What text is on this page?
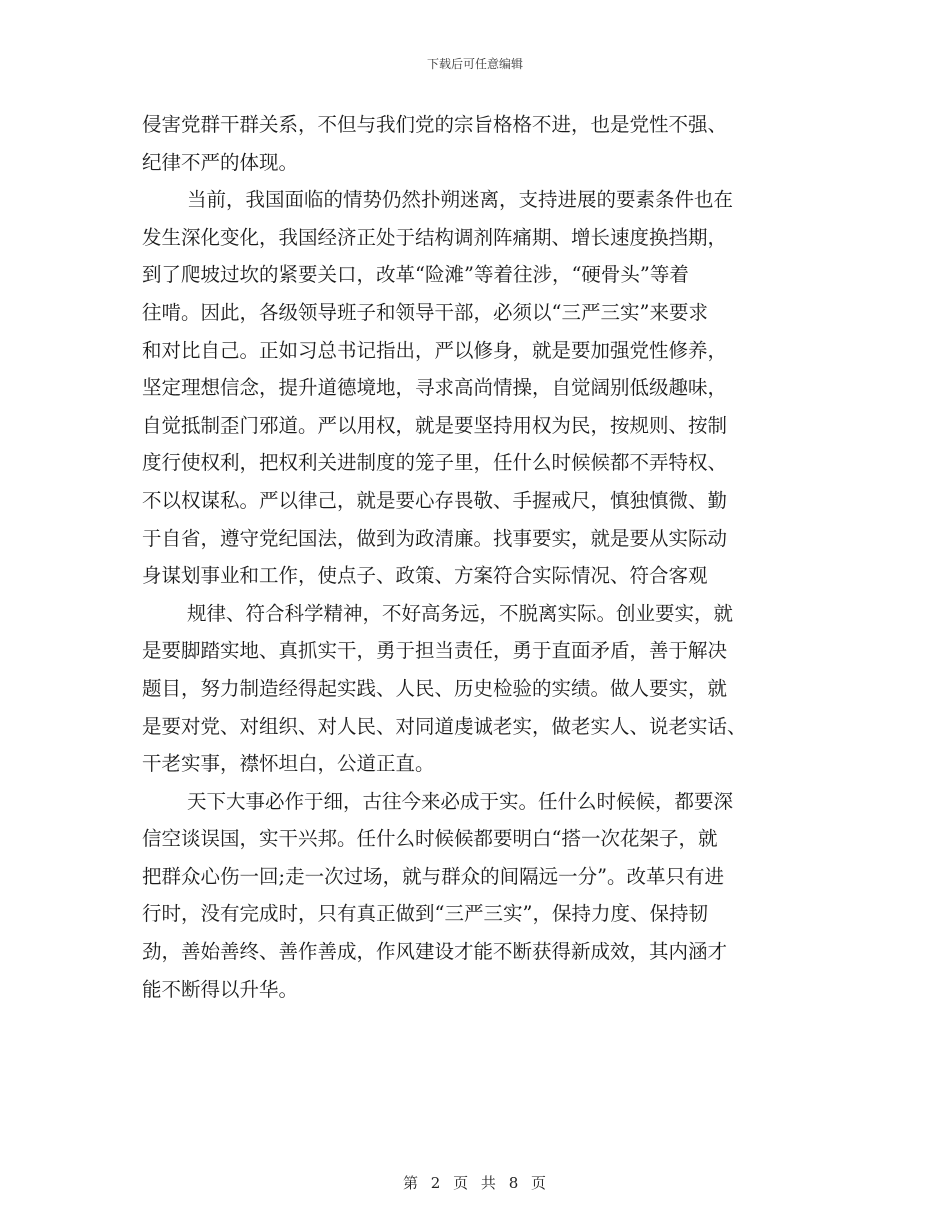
下载后可任意编辑
侵害党群干群关系，不但与我们党的宗旨格格不进，也是党性不强、
纪律不严的体现。
当前，我国面临的情势仍然扑朔迷离，支持进展的要素条件也在
发生深化变化，我国经济正处于结构调剂阵痛期、增长速度换挡期，
到了爬坡过坎的紧要关口，改革“险滩”等着往涉，“硬骨头”等着
往啃。因此，各级领导班子和领导干部，必须以“三严三实”来要求
和对比自己。正如习总书记指出，严以修身，就是要加强党性修养，
坚定理想信念，提升道德境地，寻求高尚情操，自觉阔别低级趣味，
自觉抵制歪门邪道。严以用权，就是要坚持用权为民，按规则、按制
度行使权利，把权利关进制度的笼子里，任什么时候候都不弄特权、
不以权谋私。严以律己，就是要心存畏敬、手握戒尺，慎独慎微、勤
于自省，遵守党纪国法，做到为政清廉。找事要实，就是要从实际动
身谋划事业和工作，使点子、政策、方案符合实际情况、符合客观
规律、符合科学精神，不好高务远，不脱离实际。创业要实，就
是要脚踏实地、真抓实干，勇于担当责任，勇于直面矛盾，善于解决
题目，努力制造经得起实践、人民、历史检验的实绩。做人要实，就
是要对党、对组织、对人民、对同道虔诚老实，做老实人、说老实话、
干老实事，襟怀坦白，公道正直。
天下大事必作于细，古往今来必成于实。任什么时候候，都要深
信空谈误国，实干兴邦。任什么时候候都要明白“搭一次花架子，就
把群众心伤一回;走一次过场，就与群众的间隔远一分”。改革只有进
行时，没有完成时，只有真正做到“三严三实”，保持力度、保持韧
劲，善始善终、善作善成，作风建设才能不断获得新成效，其内涵才
能不断得以升华。
第 2 页 共 8 页
